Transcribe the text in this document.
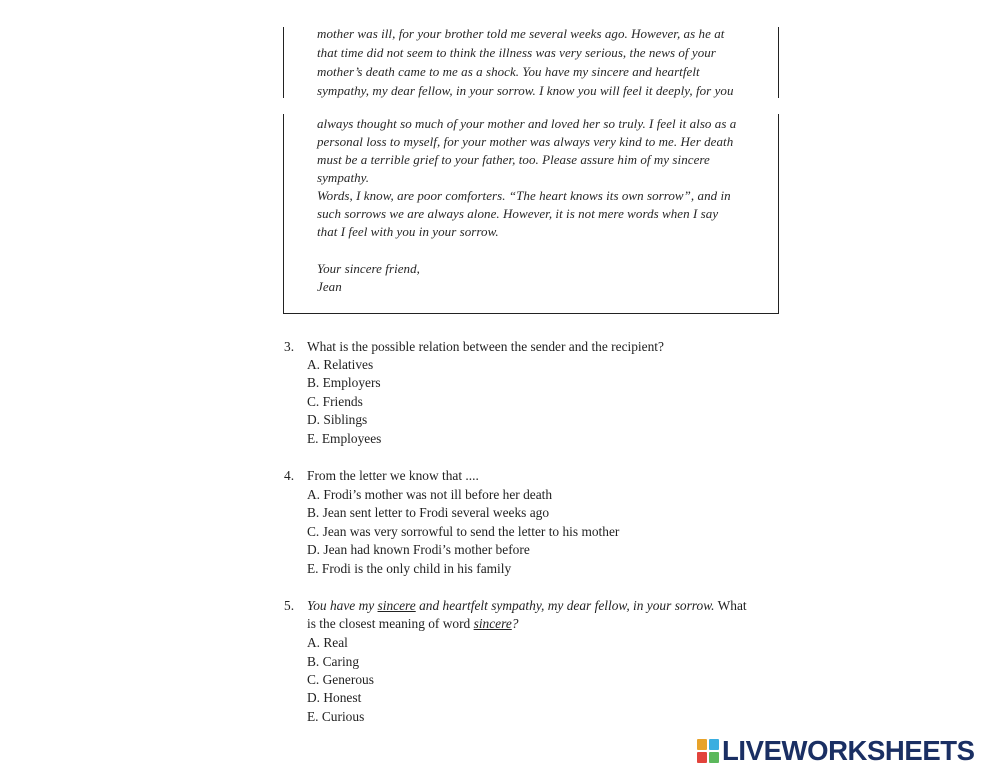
mother was ill, for your brother told me several weeks ago. However, as he at

that time did not seem to think the illness was very serious, the news of your

mother’s death came to me as a shock. You have my sincere and heartfelt

sympathy, my dear fellow, in your sorrow. I know you will feel it deeply, for you

always thought so much of your mother and loved her so truly. I feel it also as a

personal loss to myself, for your mother was always very kind to me. Her death

must be a terrible grief to your father, too. Please assure him of my sincere

sympathy.

Words, I know, are poor comforters. “The heart knows its own sorrow”, and in

such sorrows we are always alone. However, it is not mere words when I say

that I feel with you in your sorrow.

Your sincere friend,

Jean

3. What is the possible relation between the sender and the recipient?
A. Relatives
B. Employers
C. Friends
D. Siblings
E. Employees
4. From the letter we know that ....
A. Frodi’s mother was not ill before her death
B. Jean sent letter to Frodi several weeks ago
C. Jean was very sorrowful to send the letter to his mother
D. Jean had known Frodi’s mother before
E. Frodi is the only child in his family
5. You have my sincere and heartfelt sympathy, my dear fellow, in your sorrow. What
is the closest meaning of word sincere?
A. Real
B. Caring
C. Generous
D. Honest
E. Curious
LIVEWORKSHEETS
